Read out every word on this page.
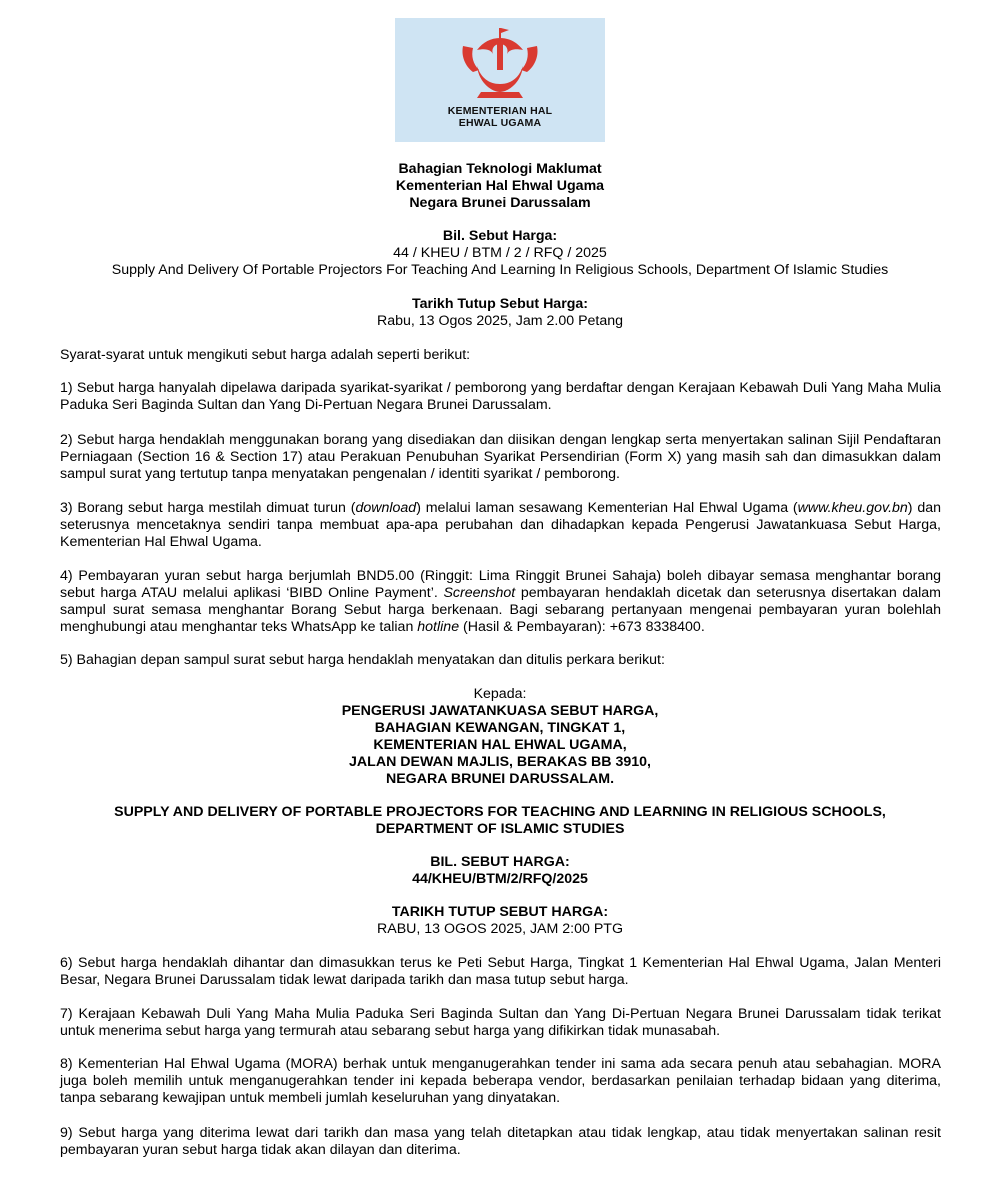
KEMENTERIAN HAL
EHWAL UGAMA
Bahagian Teknologi Maklumat
Kementerian Hal Ehwal Ugama
Negara Brunei Darussalam
Bil. Sebut Harga:
44 / KHEU / BTM / 2 / RFQ / 2025
Supply And Delivery Of Portable Projectors For Teaching And Learning In Religious Schools, Department Of Islamic Studies
Tarikh Tutup Sebut Harga:
Rabu, 13 Ogos 2025, Jam 2.00 Petang
Syarat-syarat untuk mengikuti sebut harga adalah seperti berikut:
1) Sebut harga hanyalah dipelawa daripada syarikat-syarikat / pemborong yang berdaftar dengan Kerajaan Kebawah Duli Yang Maha Mulia Paduka Seri Baginda Sultan dan Yang Di-Pertuan Negara Brunei Darussalam.
2) Sebut harga hendaklah menggunakan borang yang disediakan dan diisikan dengan lengkap serta menyertakan salinan Sijil Pendaftaran Perniagaan (Section 16 & Section 17) atau Perakuan Penubuhan Syarikat Persendirian (Form X) yang masih sah dan dimasukkan dalam sampul surat yang tertutup tanpa menyatakan pengenalan / identiti syarikat / pemborong.
3) Borang sebut harga mestilah dimuat turun (download) melalui laman sesawang Kementerian Hal Ehwal Ugama (www.kheu.gov.bn) dan seterusnya mencetaknya sendiri tanpa membuat apa-apa perubahan dan dihadapkan kepada Pengerusi Jawatankuasa Sebut Harga, Kementerian Hal Ehwal Ugama.
4) Pembayaran yuran sebut harga berjumlah BND5.00 (Ringgit: Lima Ringgit Brunei Sahaja) boleh dibayar semasa menghantar borang sebut harga ATAU melalui aplikasi ‘BIBD Online Payment’. Screenshot pembayaran hendaklah dicetak dan seterusnya disertakan dalam sampul surat semasa menghantar Borang Sebut harga berkenaan. Bagi sebarang pertanyaan mengenai pembayaran yuran bolehlah menghubungi atau menghantar teks WhatsApp ke talian hotline (Hasil & Pembayaran): +673 8338400.
5) Bahagian depan sampul surat sebut harga hendaklah menyatakan dan ditulis perkara berikut:
Kepada:
PENGERUSI JAWATANKUASA SEBUT HARGA,
BAHAGIAN KEWANGAN, TINGKAT 1,
KEMENTERIAN HAL EHWAL UGAMA,
JALAN DEWAN MAJLIS, BERAKAS BB 3910,
NEGARA BRUNEI DARUSSALAM.
SUPPLY AND DELIVERY OF PORTABLE PROJECTORS FOR TEACHING AND LEARNING IN RELIGIOUS SCHOOLS,
DEPARTMENT OF ISLAMIC STUDIES
BIL. SEBUT HARGA:
44/KHEU/BTM/2/RFQ/2025
TARIKH TUTUP SEBUT HARGA:
RABU, 13 OGOS 2025, JAM 2:00 PTG
6) Sebut harga hendaklah dihantar dan dimasukkan terus ke Peti Sebut Harga, Tingkat 1 Kementerian Hal Ehwal Ugama, Jalan Menteri Besar, Negara Brunei Darussalam tidak lewat daripada tarikh dan masa tutup sebut harga.
7) Kerajaan Kebawah Duli Yang Maha Mulia Paduka Seri Baginda Sultan dan Yang Di-Pertuan Negara Brunei Darussalam tidak terikat untuk menerima sebut harga yang termurah atau sebarang sebut harga yang difikirkan tidak munasabah.
8) Kementerian Hal Ehwal Ugama (MORA) berhak untuk menganugerahkan tender ini sama ada secara penuh atau sebahagian. MORA juga boleh memilih untuk menganugerahkan tender ini kepada beberapa vendor, berdasarkan penilaian terhadap bidaan yang diterima, tanpa sebarang kewajipan untuk membeli jumlah keseluruhan yang dinyatakan.
9) Sebut harga yang diterima lewat dari tarikh dan masa yang telah ditetapkan atau tidak lengkap, atau tidak menyertakan salinan resit pembayaran yuran sebut harga tidak akan dilayan dan diterima.
